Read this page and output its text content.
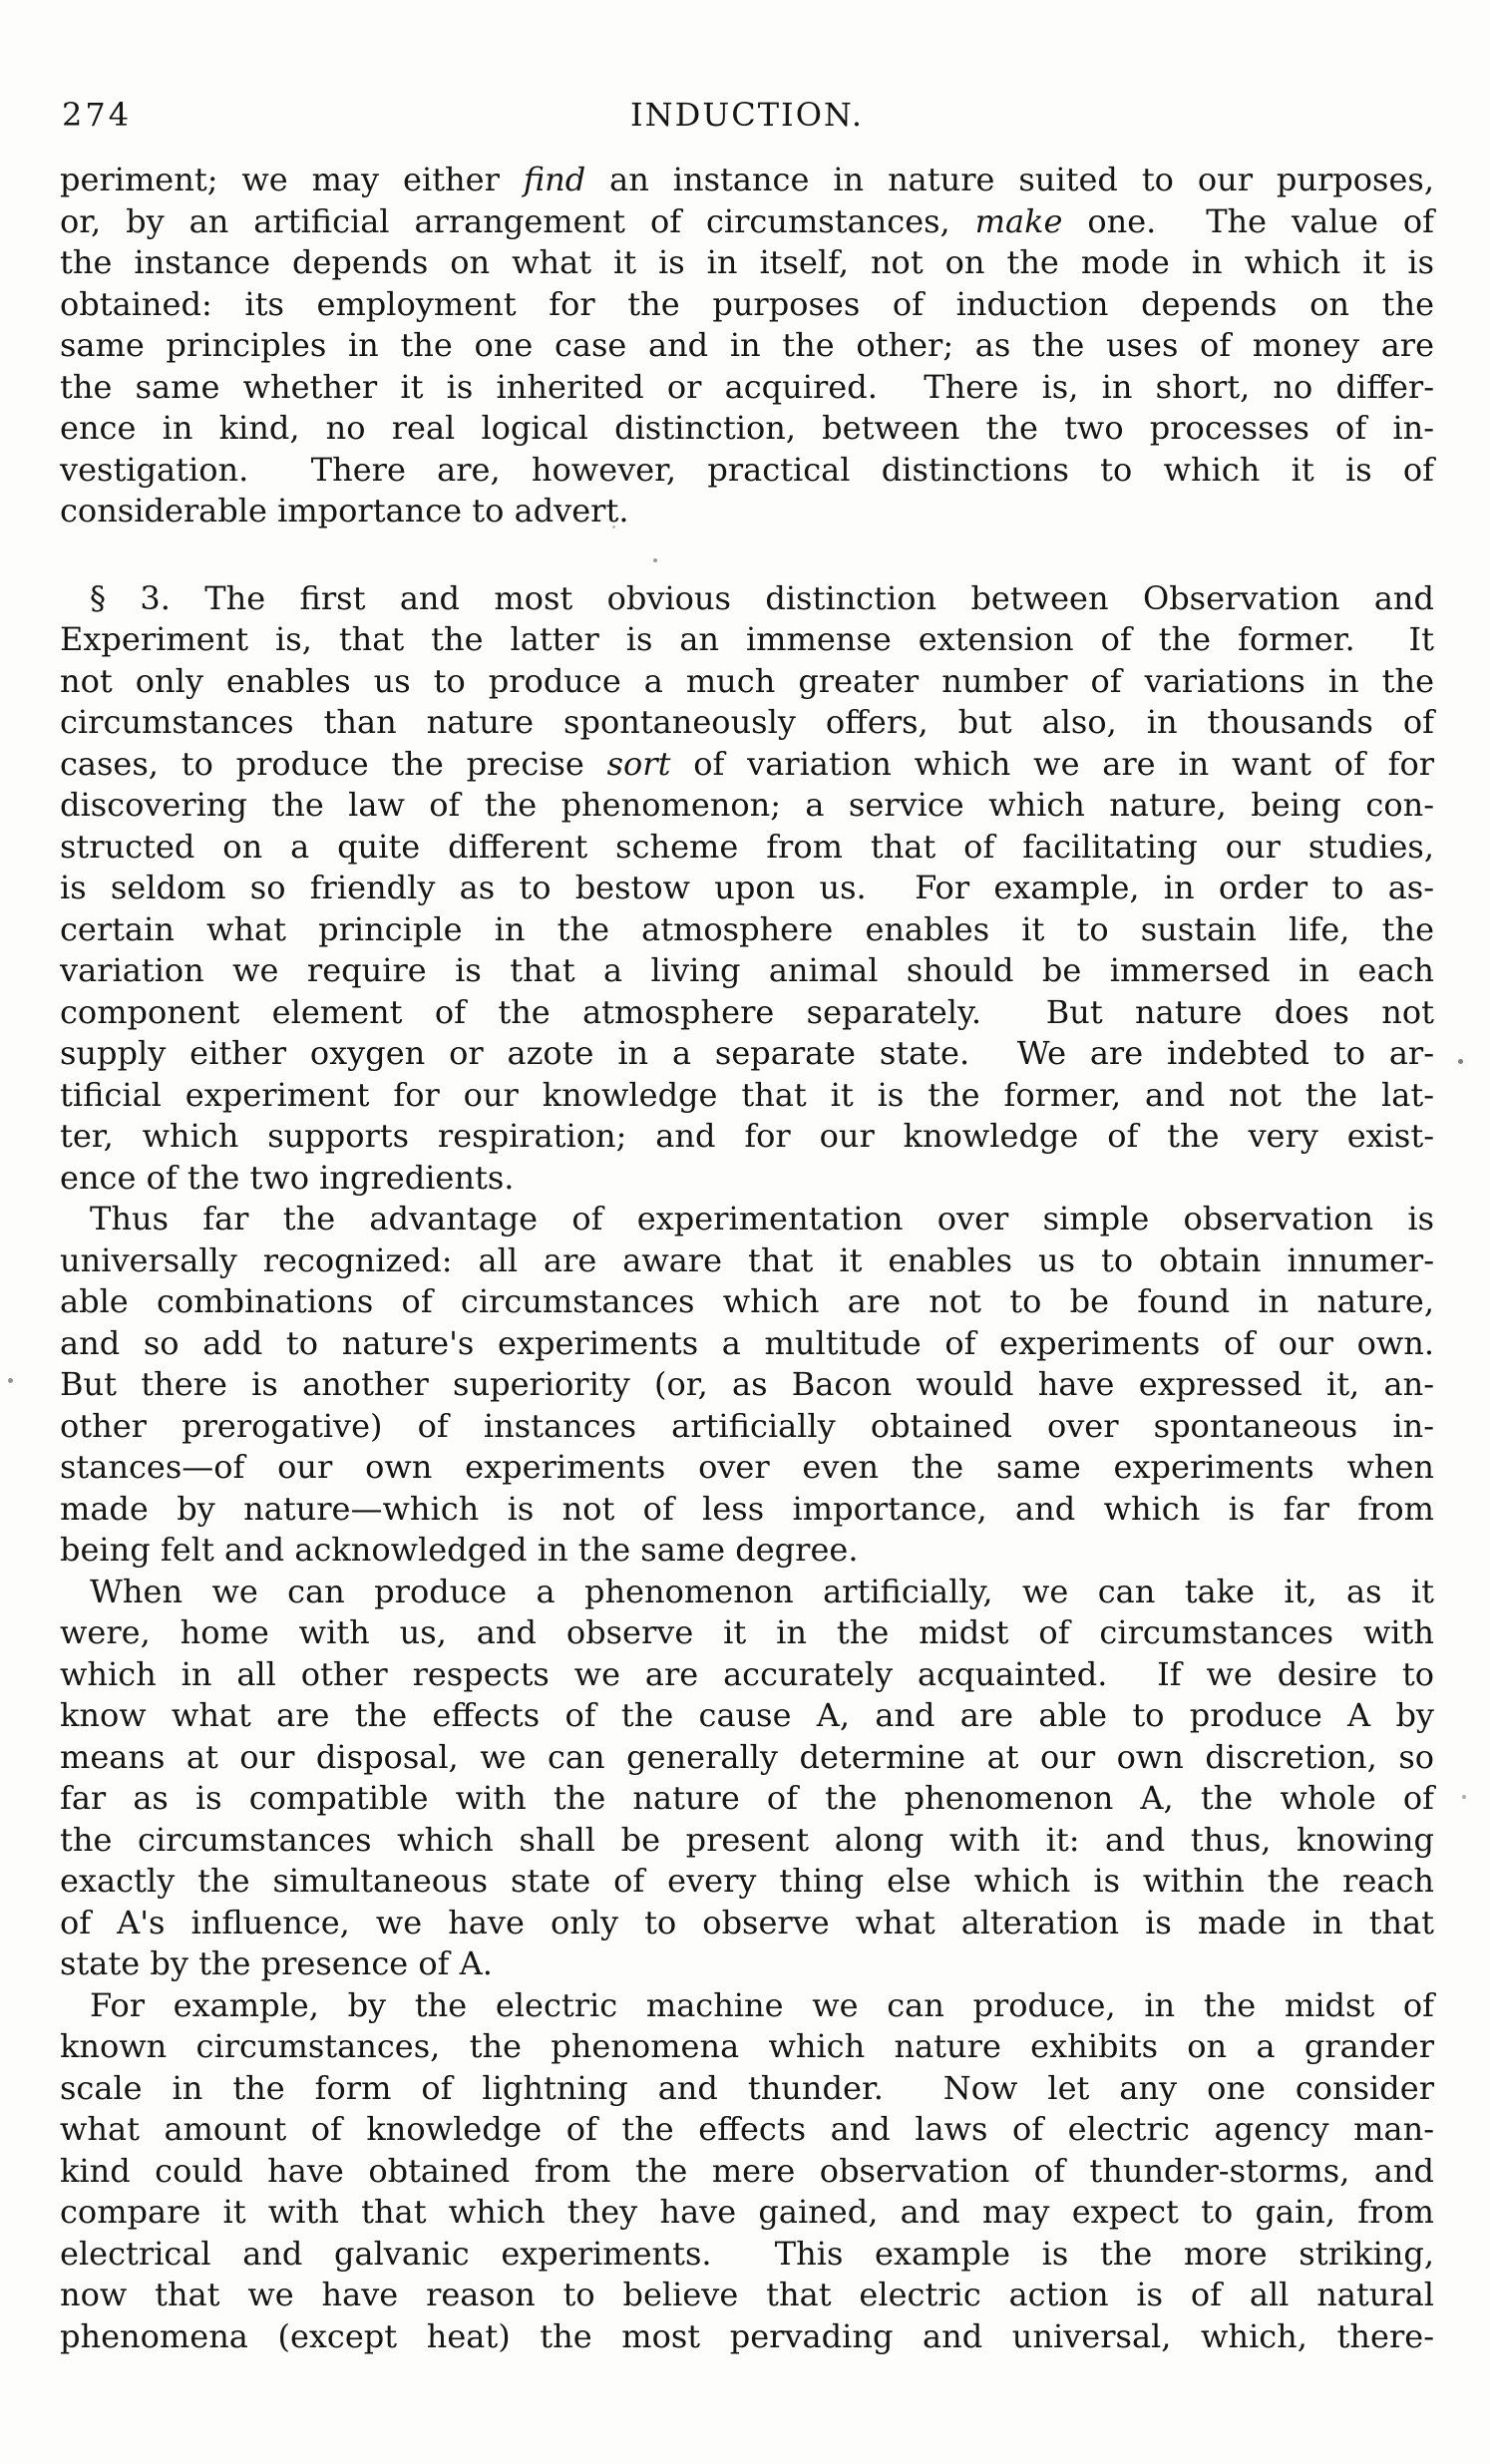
274	INDUCTION.
periment; we may either find an instance in nature suited to our purposes,
or, by an artificial arrangement of circumstances, make one.  The value of
the instance depends on what it is in itself, not on the mode in which it is
obtained: its employment for the purposes of induction depends on the
same principles in the one case and in the other; as the uses of money are
the same whether it is inherited or acquired.  There is, in short, no differ-
ence in kind, no real logical distinction, between the two processes of in-
vestigation.  There are, however, practical distinctions to which it is of
considerable importance to advert.
§ 3. The first and most obvious distinction between Observation and
Experiment is, that the latter is an immense extension of the former.  It
not only enables us to produce a much greater number of variations in the
circumstances than nature spontaneously offers, but also, in thousands of
cases, to produce the precise sort of variation which we are in want of for
discovering the law of the phenomenon; a service which nature, being con-
structed on a quite different scheme from that of facilitating our studies,
is seldom so friendly as to bestow upon us.  For example, in order to as-
certain what principle in the atmosphere enables it to sustain life, the
variation we require is that a living animal should be immersed in each
component element of the atmosphere separately.  But nature does not
supply either oxygen or azote in a separate state.  We are indebted to ar-
tificial experiment for our knowledge that it is the former, and not the lat-
ter, which supports respiration; and for our knowledge of the very exist-
ence of the two ingredients.
Thus far the advantage of experimentation over simple observation is
universally recognized: all are aware that it enables us to obtain innumer-
able combinations of circumstances which are not to be found in nature,
and so add to nature's experiments a multitude of experiments of our own.
But there is another superiority (or, as Bacon would have expressed it, an-
other prerogative) of instances artificially obtained over spontaneous in-
stances—of our own experiments over even the same experiments when
made by nature—which is not of less importance, and which is far from
being felt and acknowledged in the same degree.
When we can produce a phenomenon artificially, we can take it, as it
were, home with us, and observe it in the midst of circumstances with
which in all other respects we are accurately acquainted.  If we desire to
know what are the effects of the cause A, and are able to produce A by
means at our disposal, we can generally determine at our own discretion, so
far as is compatible with the nature of the phenomenon A, the whole of
the circumstances which shall be present along with it: and thus, knowing
exactly the simultaneous state of every thing else which is within the reach
of A's influence, we have only to observe what alteration is made in that
state by the presence of A.
For example, by the electric machine we can produce, in the midst of
known circumstances, the phenomena which nature exhibits on a grander
scale in the form of lightning and thunder.  Now let any one consider
what amount of knowledge of the effects and laws of electric agency man-
kind could have obtained from the mere observation of thunder-storms, and
compare it with that which they have gained, and may expect to gain, from
electrical and galvanic experiments.  This example is the more striking,
now that we have reason to believe that electric action is of all natural
phenomena (except heat) the most pervading and universal, which, there-
